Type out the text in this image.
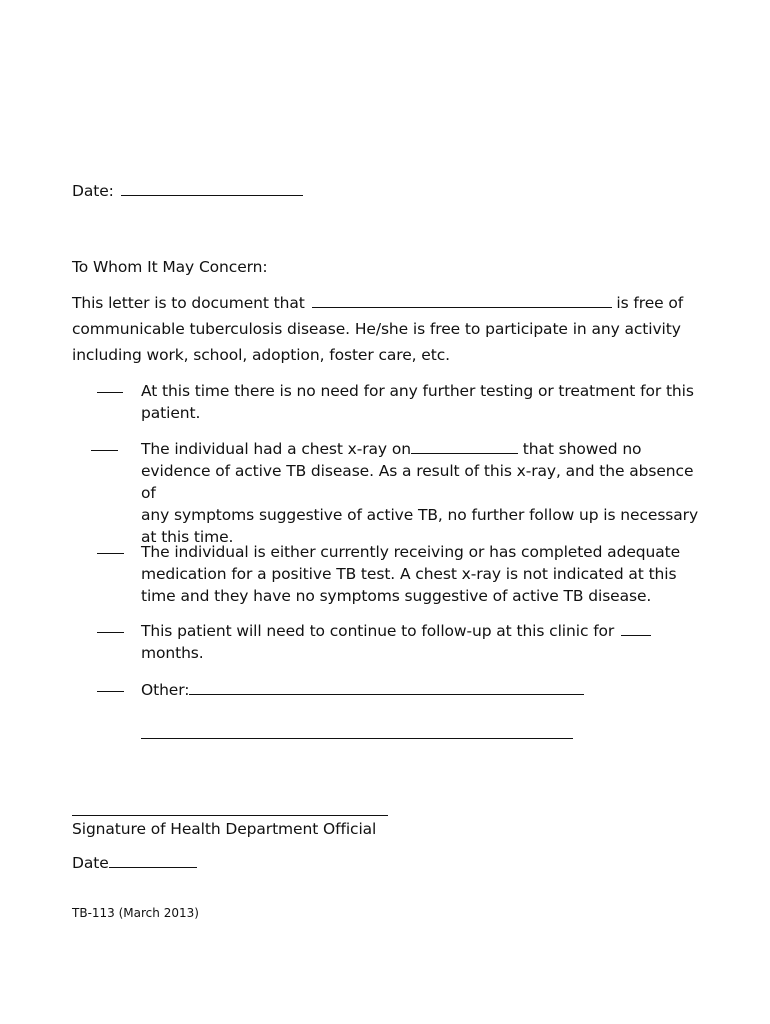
Date:
To Whom It May Concern:
This letter is to document that	is free of
communicable tuberculosis disease. He/she is free to participate in any activity
including work, school, adoption, foster care, etc.
At this time there is no need for any further testing or treatment for this
patient.
The individual had a chest x-ray on	that showed no
evidence of active TB disease. As a result of this x-ray, and the absence of
any symptoms suggestive of active TB, no further follow up is necessary
at this time.
The individual is either currently receiving or has completed adequate
medication for a positive TB test. A chest x-ray is not indicated at this
time and they have no symptoms suggestive of active TB disease.
This patient will need to continue to follow-up at this clinic for
months.
Other:
Signature of Health Department Official
Date
TB-113 (March 2013)
